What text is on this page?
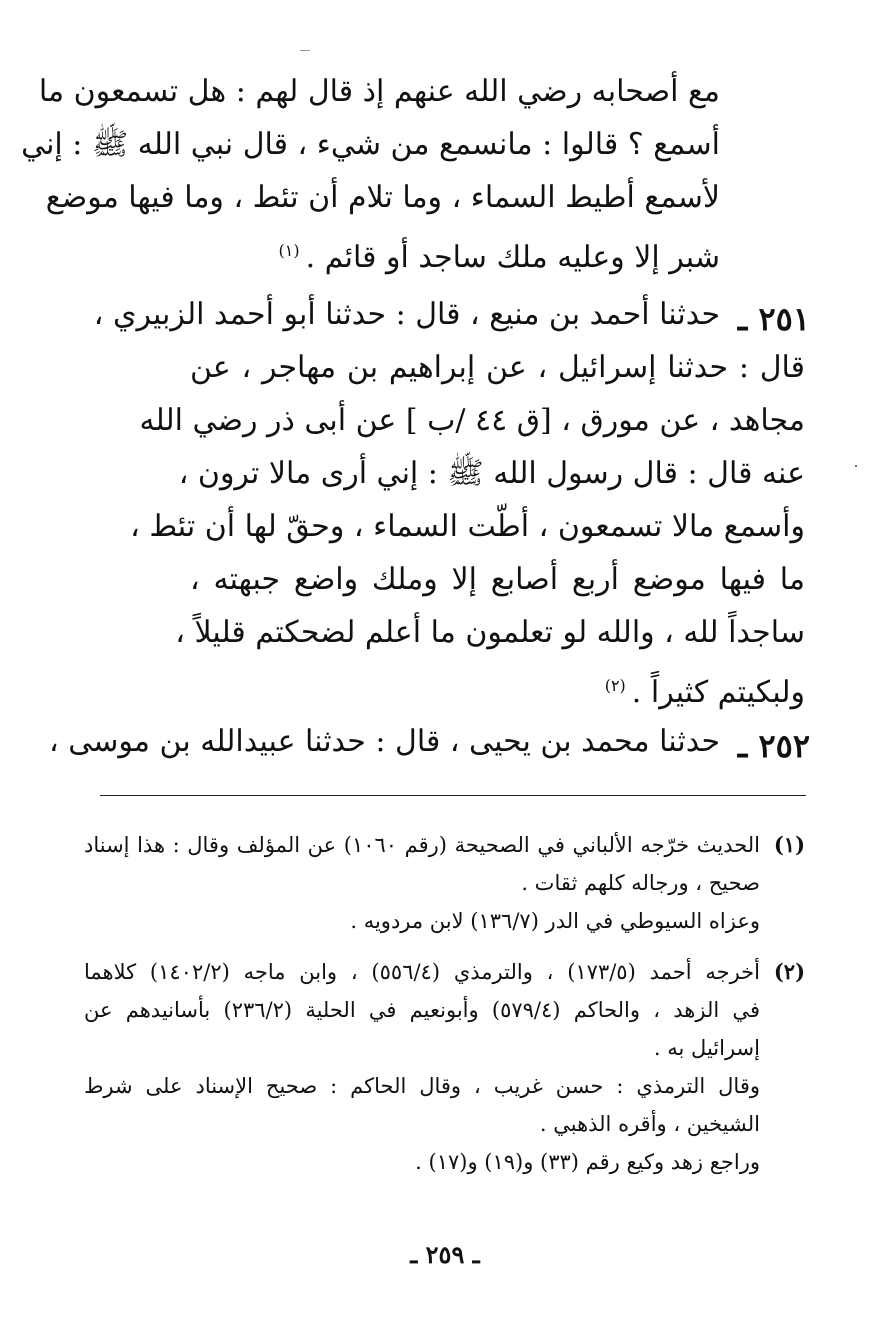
مع أصحابه رضي الله عنهم إذ قال لهم : هل تسمعون ما
أسمع ؟ قالوا : مانسمع من شيء ، قال نبي الله ﷺ : إني
لأسمع أطيط السماء ، وما تلام أن تئط ، وما فيها موضع
شبر إلا وعليه ملك ساجد أو قائم .$^{(١)}$
٢٥١ ـ
حدثنا أحمد بن منيع ، قال : حدثنا أبو أحمد الزبيري ،
قال : حدثنا إسرائيل ، عن إبراهيم بن مهاجر ، عن
مجاهد ، عن مورق ، [ق ٤٤ /ب ] عن أبى ذر رضي الله
عنه قال : قال رسول الله ﷺ : إني أرى مالا ترون ،
وأسمع مالا تسمعون ، أطّت السماء ، وحقّ لها أن تئط ،
ما فيها موضع أربع أصابع إلا وملك واضع جبهته ،
ساجداً لله ، والله لو تعلمون ما أعلم لضحكتم قليلاً ،
ولبكيتم كثيراً .$^{(٢)}$
٢٥٢ ـ
حدثنا محمد بن يحيى ، قال : حدثنا عبيدالله بن موسى ،
(١)
الحديث خرّجه الألباني في الصحيحة (رقم ١٠٦٠) عن المؤلف وقال : هذا إسناد
صحيح ، ورجاله كلهم ثقات .
وعزاه السيوطي في الدر (١٣٦/٧) لابن مردويه .
(٢)
أخرجه أحمد (١٧٣/٥) ، والترمذي (٥٥٦/٤) ، وابن ماجه (١٤٠٢/٢) كلاهما
في الزهد ، والحاكم (٥٧٩/٤) وأبونعيم في الحلية (٢٣٦/٢) بأسانيدهم عن
إسرائيل به .
وقال الترمذي : حسن غريب ، وقال الحاكم : صحيح الإسناد على شرط
الشيخين ، وأقره الذهبي .
وراجع زهد وكيع رقم (٣٣) و(١٩) و(١٧) .
ـ ٢٥٩ ـ
